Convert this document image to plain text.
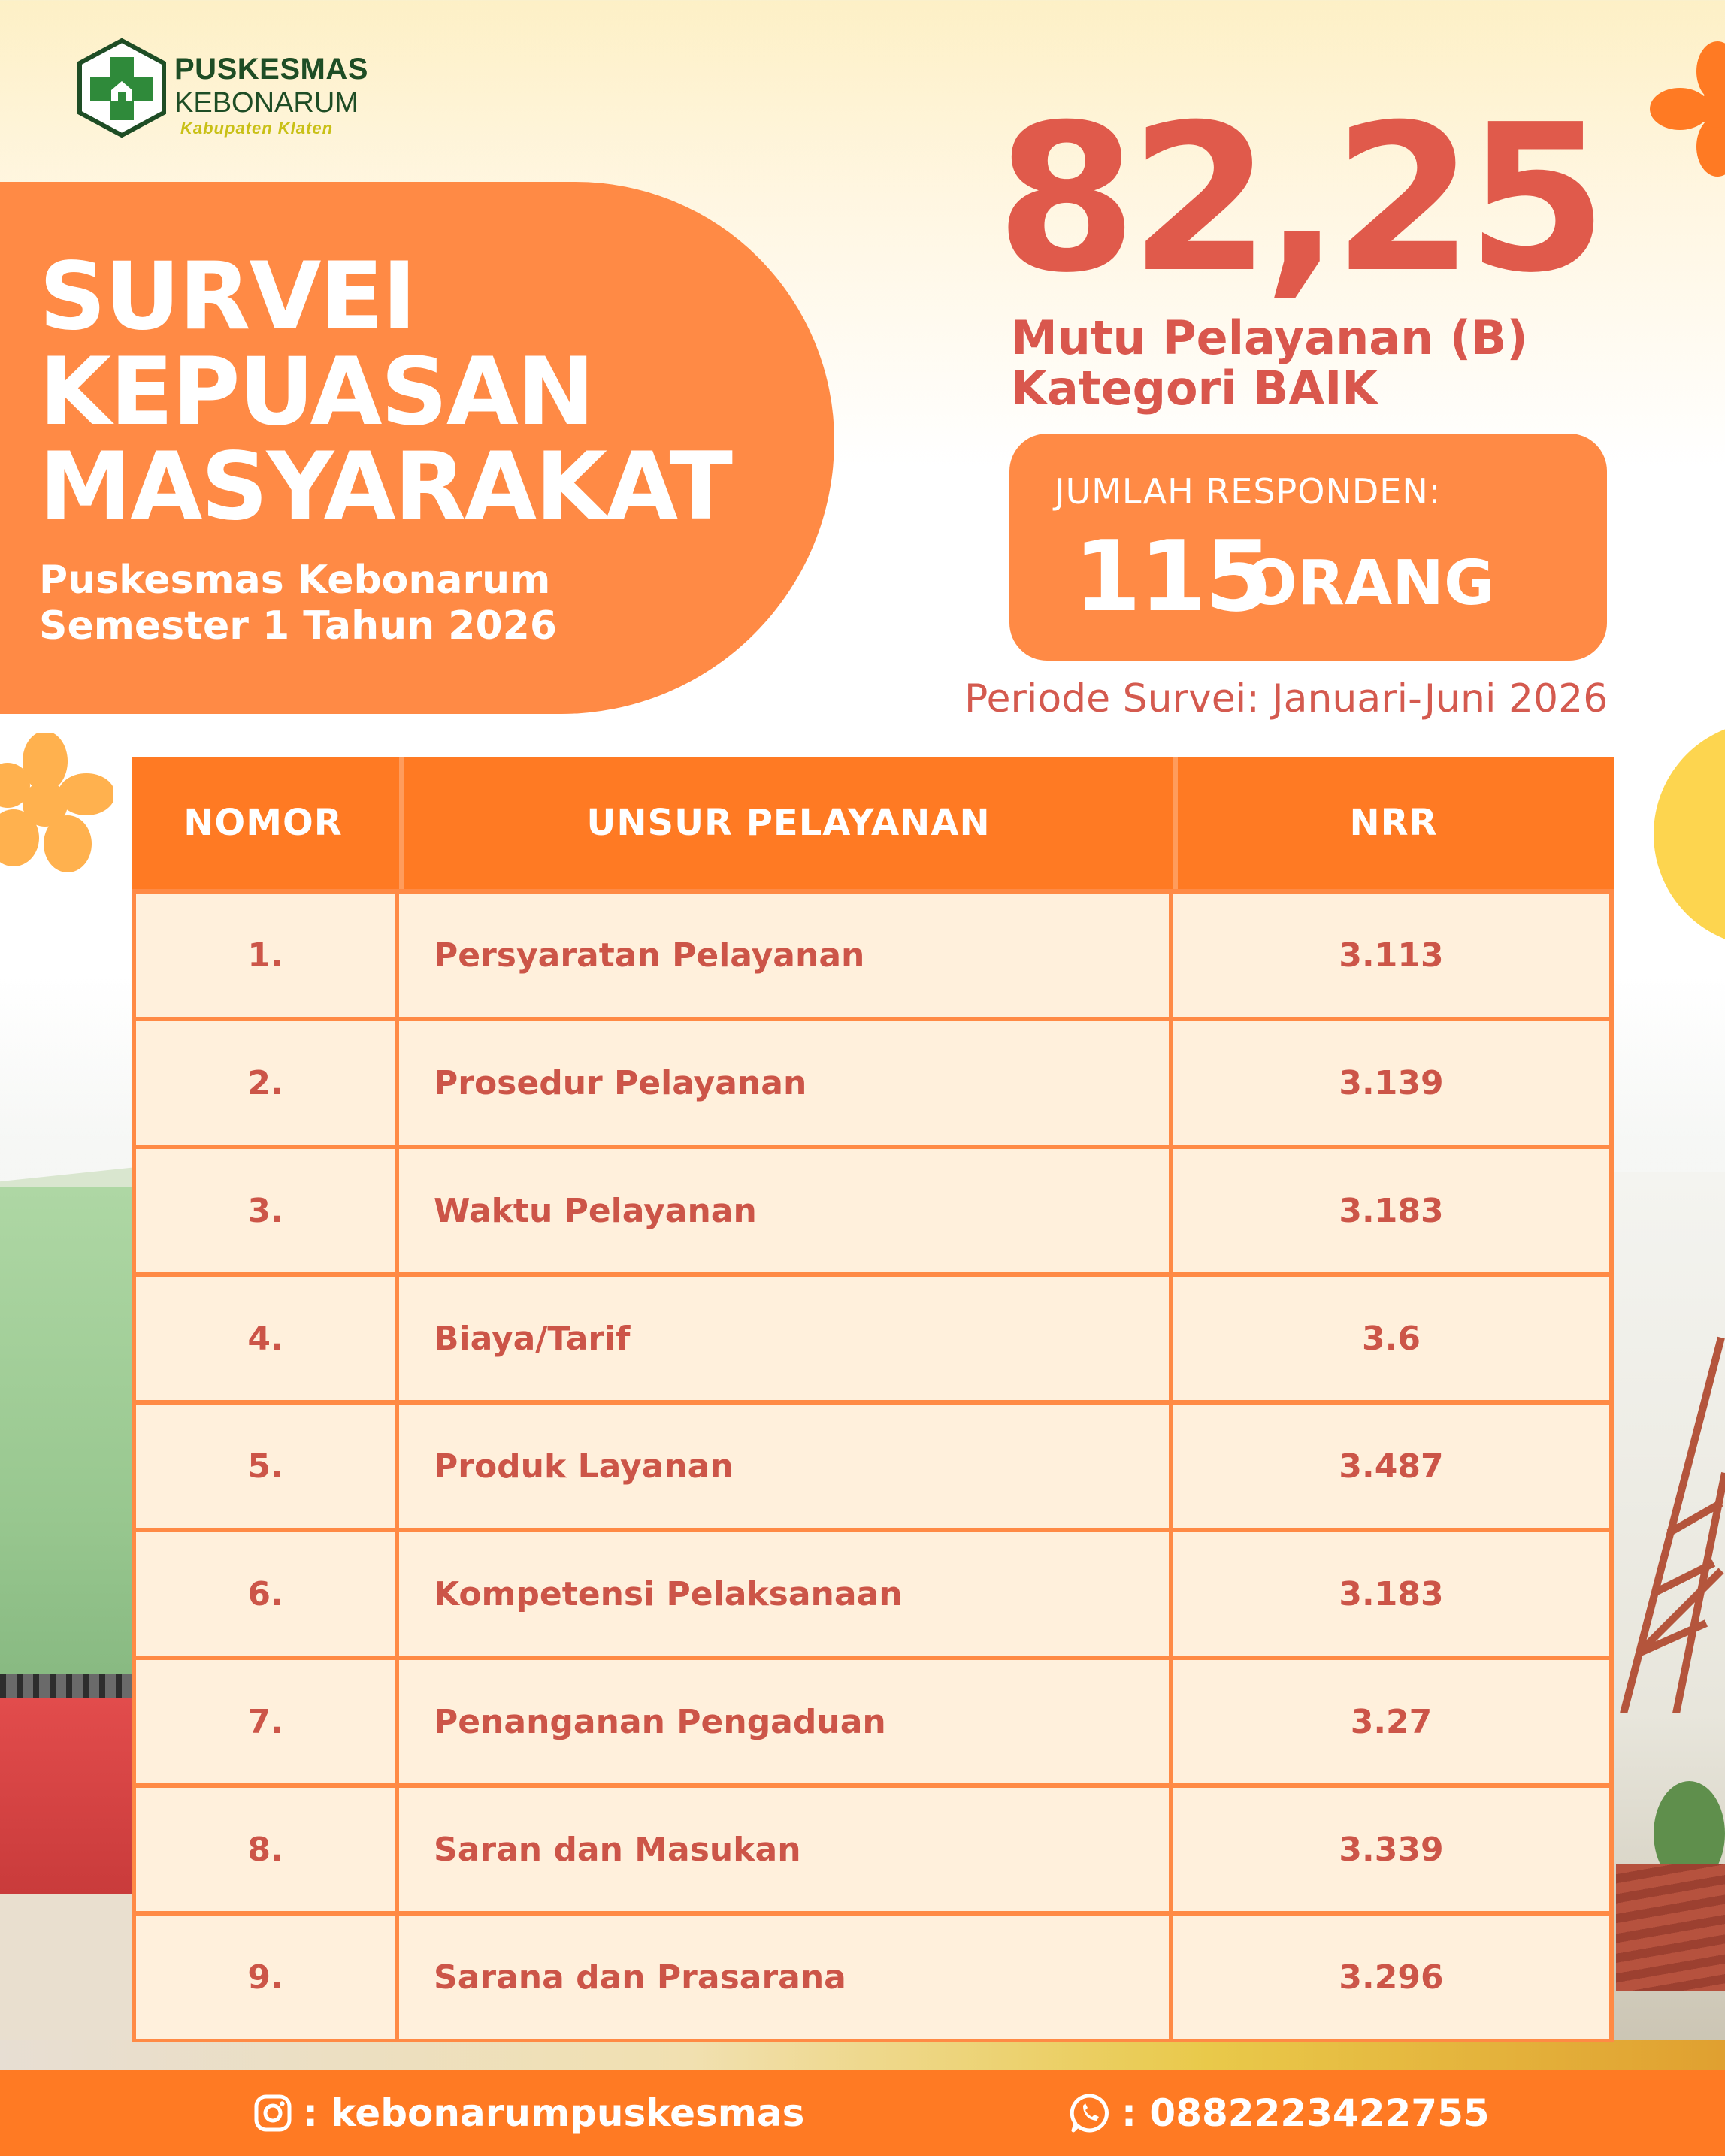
PUSKESMAS
KEBONARUM
Kabupaten Klaten
SURVEI
KEPUASAN
MASYARAKAT
Puskesmas Kebonarum
Semester 1 Tahun 2026
82,25
Mutu Pelayanan (B)
Kategori BAIK
JUMLAH RESPONDEN:
115
ORANG
Periode Survei: Januari-Juni 2026
NOMOR	UNSUR PELAYANAN	NRR
1.	Persyaratan Pelayanan	3.113
2.	Prosedur Pelayanan	3.139
3.	Waktu Pelayanan	3.183
4.	Biaya/Tarif	3.6
5.	Produk Layanan	3.487
6.	Kompetensi Pelaksanaan	3.183
7.	Penanganan Pengaduan	3.27
8.	Saran dan Masukan	3.339
9.	Sarana dan Prasarana	3.296
: kebonarumpuskesmas	: 0882223422755
